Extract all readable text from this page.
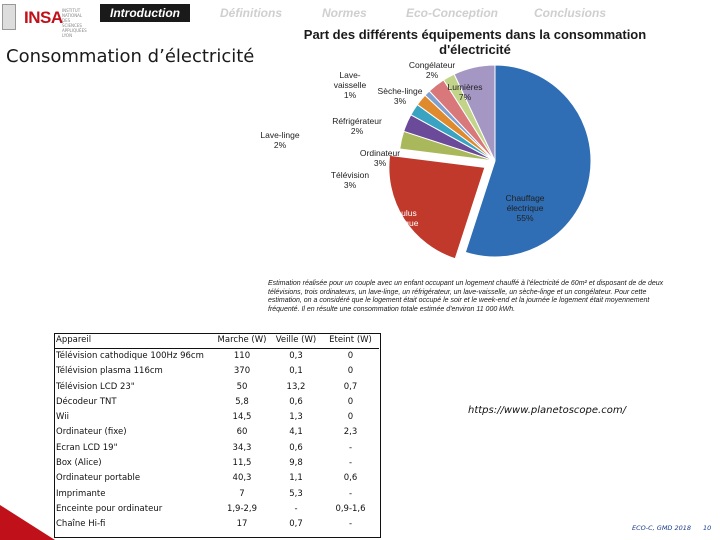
INSA INSTITUT NATIONAL DES SCIENCES APPLIQUÉES LYON
Introduction	Définitions	Normes	Eco-Conception	Conclusions
Consommation d’électricité
Part des différents équipements dans la consommation d'électricité
Chauffage électrique 55%
Cumulus électrique 22%
Télévision 3%
Ordinateur 3%
Lave-linge 2%
Réfrigérateur 2%
Lave-vaisselle 1%	Sèche-linge 3%
Congélateur 2%
Lumières 7%
Estimation réalisée pour un couple avec un enfant occupant un logement chauffé à l'électricité de 60m² et disposant de de deux télévisions, trois ordinateurs, un lave-linge, un réfrigérateur, un lave-vaisselle, un sèche-linge et un congélateur. Pour cette estimation, on a considéré que le logement était occupé le soir et le week-end et la journée le logement était moyennement fréquenté. Il en résulte une consommation totale estimée d'environ 11 000 kWh.
Appareil	Marche (W)	Veille (W)	Eteint (W)
Télévision cathodique 100Hz 96cm	110	0,3	0
Télévision plasma 116cm	370	0,1	0
Télévision LCD 23"	50	13,2	0,7
Décodeur TNT	5,8	0,6	0
Wii	14,5	1,3	0
Ordinateur (fixe)	60	4,1	2,3
Ecran LCD 19"	34,3	0,6	-
Box (Alice)	11,5	9,8	-
Ordinateur portable	40,3	1,1	0,6
Imprimante	7	5,3	-
Enceinte pour ordinateur	1,9-2,9	-	0,9-1,6
Chaîne Hi-fi	17	0,7	-
https://www.planetoscope.com/
ECO-C, GMD 2018 10
